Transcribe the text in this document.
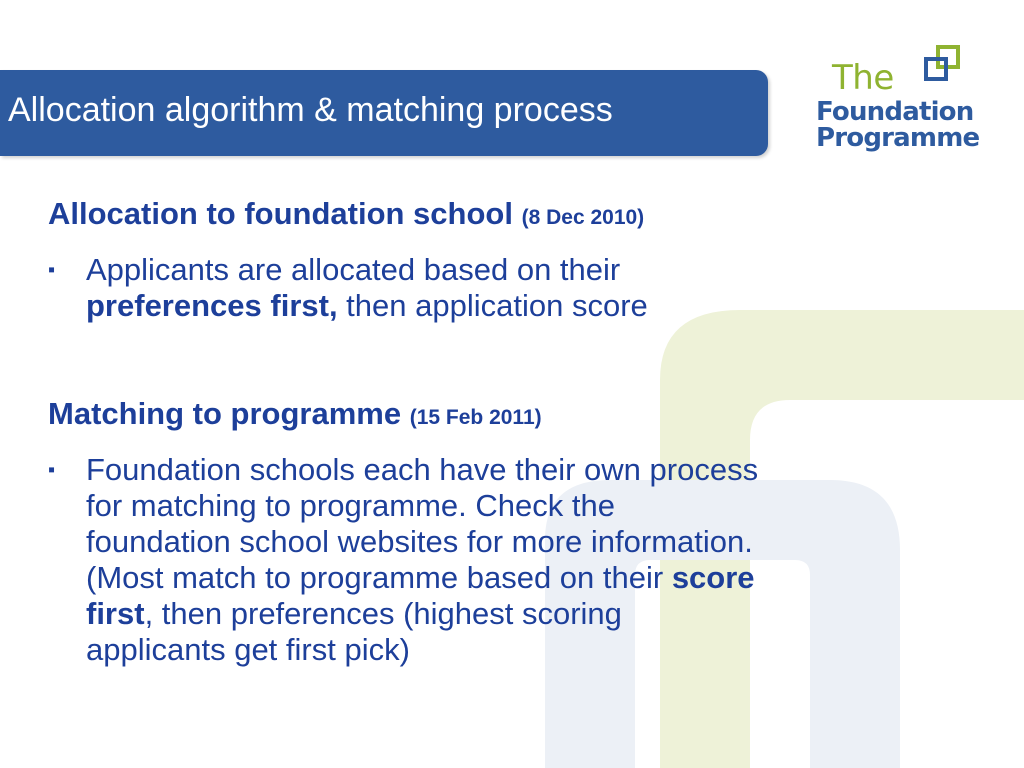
Allocation algorithm & matching process
The
Foundation
Programme
Allocation to foundation school (8 Dec 2010)
▪ Applicants are allocated based on their
preferences first, then application score
Matching to programme (15 Feb 2011)
▪ Foundation schools each have their own process
for matching to programme. Check the
foundation school websites for more information.
(Most match to programme based on their score
first, then preferences (highest scoring
applicants get first pick)
